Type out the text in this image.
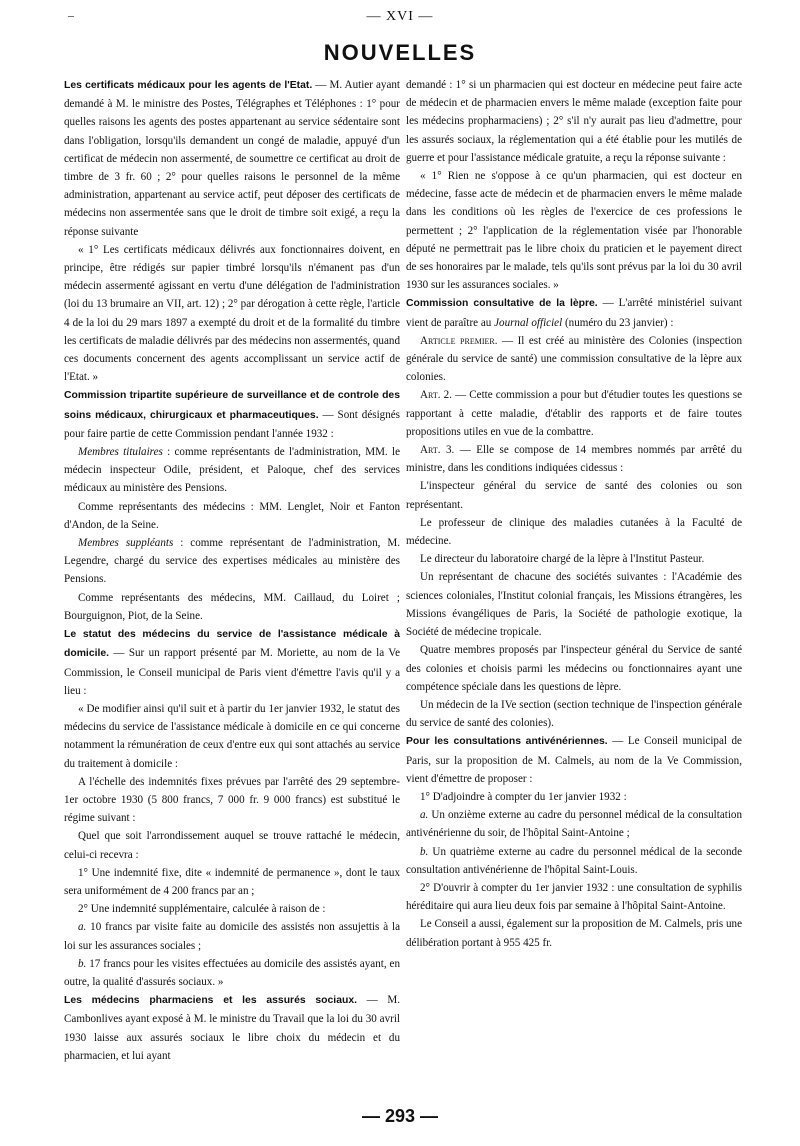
–	— XVI —
NOUVELLES

Les certificats médicaux pour les agents de l'Etat. — M. Autier ayant demandé à M. le ministre des Postes, Télégraphes et Téléphones : 1° pour quelles raisons les agents des postes appartenant au service sédentaire sont dans l'obligation, lorsqu'ils demandent un congé de maladie, appuyé d'un certificat de médecin non assermenté, de soumettre ce certificat au droit de timbre de 3 fr. 60 ; 2° pour quelles raisons le personnel de la même administration, appartenant au service actif, peut déposer des certificats de médecins non assermentée sans que le droit de timbre soit exigé, a reçu la réponse suivante

« 1° Les certificats médicaux délivrés aux fonctionnaires doivent, en principe, être rédigés sur papier timbré lorsqu'ils n'émanent pas d'un médecin assermenté agissant en vertu d'une délégation de l'administration (loi du 13 brumaire an VII, art. 12) ; 2° par dérogation à cette règle, l'article 4 de la loi du 29 mars 1897 a exempté du droit et de la formalité du timbre les certificats de maladie délivrés par des médecins non assermentés, quand ces documents concernent des agents accomplissant un service actif de l'Etat. »

Commission tripartite supérieure de surveillance et de controle des soins médicaux, chirurgicaux et pharmaceutiques. — Sont désignés pour faire partie de cette Commission pendant l'année 1932 :

Membres titulaires : comme représentants de l'administration, MM. le médecin inspecteur Odile, président, et Paloque, chef des services médicaux au ministère des Pensions.

Comme représentants des médecins : MM. Lenglet, Noir et Fanton d'Andon, de la Seine.

Membres suppléants : comme représentant de l'administration, M. Legendre, chargé du service des expertises médicales au ministère des Pensions.

Comme représentants des médecins, MM. Caillaud, du Loiret ; Bourguignon, Piot, de la Seine.

Le statut des médecins du service de l'assistance médicale à domicile. — Sur un rapport présenté par M. Moriette, au nom de la Ve Commission, le Conseil municipal de Paris vient d'émettre l'avis qu'il y a lieu :

« De modifier ainsi qu'il suit et à partir du 1er janvier 1932, le statut des médecins du service de l'assistance médicale à domicile en ce qui concerne notamment la rémunération de ceux d'entre eux qui sont attachés au service du traitement à domicile :

A l'échelle des indemnités fixes prévues par l'arrêté des 29 septembre-1er octobre 1930 (5 800 francs, 7 000 fr. 9 000 francs) est substitué le régime suivant :

Quel que soit l'arrondissement auquel se trouve rattaché le médecin, celui-ci recevra :

1° Une indemnité fixe, dite « indemnité de permanence », dont le taux sera uniformément de 4 200 francs par an ;

2° Une indemnité supplémentaire, calculée à raison de :

a. 10 francs par visite faite au domicile des assistés non assujettis à la loi sur les assurances sociales ;

b. 17 francs pour les visites effectuées au domicile des assistés ayant, en outre, la qualité d'assurés sociaux. »

Les médecins pharmaciens et les assurés sociaux. — M. Cambonlives ayant exposé à M. le ministre du Travail que la loi du 30 avril 1930 laisse aux assurés sociaux le libre choix du médecin et du pharmacien, et lui ayant

demandé : 1° si un pharmacien qui est docteur en médecine peut faire acte de médecin et de pharmacien envers le même malade (exception faite pour les médecins propharmaciens) ; 2° s'il n'y aurait pas lieu d'admettre, pour les assurés sociaux, la réglementation qui a été établie pour les mutilés de guerre et pour l'assistance médicale gratuite, a reçu la réponse suivante :

« 1° Rien ne s'oppose à ce qu'un pharmacien, qui est docteur en médecine, fasse acte de médecin et de pharmacien envers le même malade dans les conditions où les règles de l'exercice de ces professions le permettent ; 2° l'application de la réglementation visée par l'honorable député ne permettrait pas le libre choix du praticien et le payement direct de ses honoraires par le malade, tels qu'ils sont prévus par la loi du 30 avril 1930 sur les assurances sociales. »

Commission consultative de la lèpre. — L'arrêté ministériel suivant vient de paraître au Journal officiel (numéro du 23 janvier) :

Article premier. — Il est créé au ministère des Colonies (inspection générale du service de santé) une commission consultative de la lèpre aux colonies.

Art. 2. — Cette commission a pour but d'étudier toutes les questions se rapportant à cette maladie, d'établir des rapports et de faire toutes propositions utiles en vue de la combattre.

Art. 3. — Elle se compose de 14 membres nommés par arrêté du ministre, dans les conditions indiquées cidessus :

L'inspecteur général du service de santé des colonies ou son représentant.

Le professeur de clinique des maladies cutanées à la Faculté de médecine.

Le directeur du laboratoire chargé de la lèpre à l'Institut Pasteur.

Un représentant de chacune des sociétés suivantes : l'Académie des sciences coloniales, l'Institut colonial français, les Missions étrangères, les Missions évangéliques de Paris, la Société de pathologie exotique, la Société de médecine tropicale.

Quatre membres proposés par l'inspecteur général du Service de santé des colonies et choisis parmi les médecins ou fonctionnaires ayant une compétence spéciale dans les questions de lèpre.

Un médecin de la IVe section (section technique de l'inspection générale du service de santé des colonies).

Pour les consultations antivénériennes. — Le Conseil municipal de Paris, sur la proposition de M. Calmels, au nom de la Ve Commission, vient d'émettre de proposer :

1° D'adjoindre à compter du 1er janvier 1932 :

a. Un onzième externe au cadre du personnel médical de la consultation antivénérienne du soir, de l'hôpital Saint-Antoine ;

b. Un quatrième externe au cadre du personnel médical de la seconde consultation antivénérienne de l'hôpital Saint-Louis.

2° D'ouvrir à compter du 1er janvier 1932 : une consultation de syphilis héréditaire qui aura lieu deux fois par semaine à l'hôpital Saint-Antoine.

Le Conseil a aussi, également sur la proposition de M. Calmels, pris une délibération portant à 955 425 fr.

— 293 —
